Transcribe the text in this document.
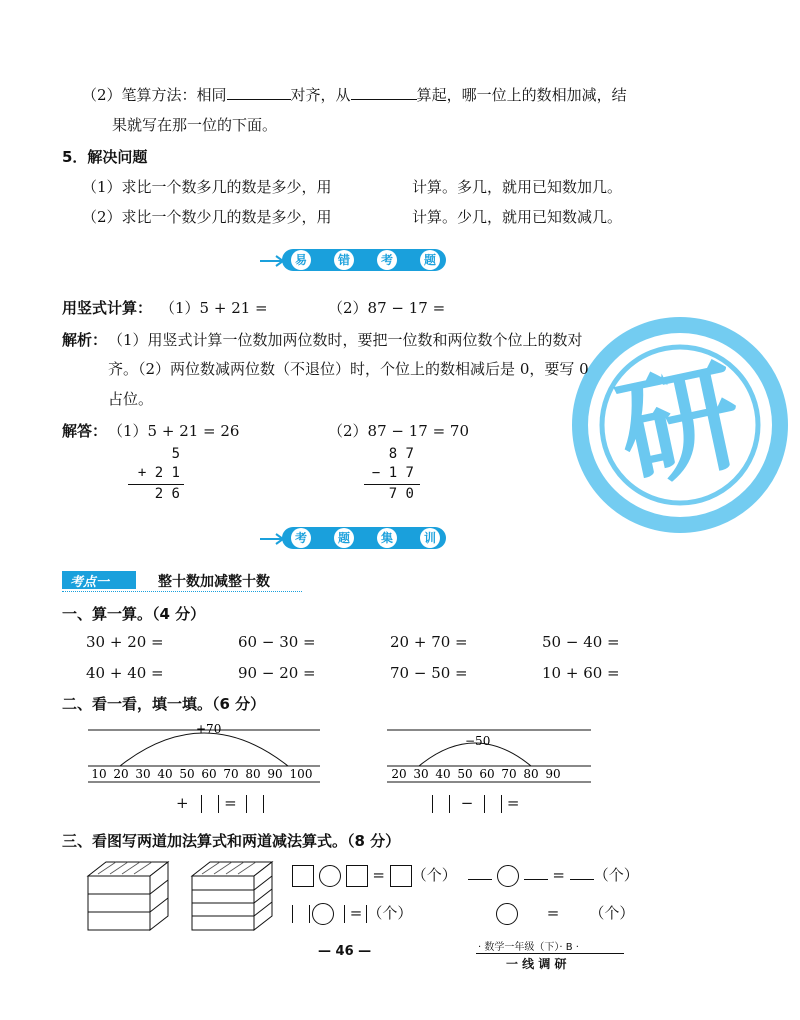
研
（2）笔算方法：相同	对齐，从	算起，哪一位上的数相加减，结
果就写在那一位的下面。
5．解决问题
（1）求比一个数多几的数是多少，用	计算。多几，就用已知数加几。
（2）求比一个数少几的数是多少，用	计算。少几，就用已知数减几。
易	错	考	题
用竖式计算： （1）5 + 21 =	（2）87 − 17 =
解析： （1）用竖式计算一位数加两位数时，要把一位数和两位数个位上的数对
齐。（2）两位数减两位数（不退位）时，个位上的数相减后是 0，要写 0
占位。
解答： （1）5 + 21 = 26	（2）87 − 17 = 70
5
+ 2 1
2 6
8 7
− 1 7
7 0
考	题	集	训
考点一	整十数加减整十数
一、算一算。（4 分）
30 + 20 =	60 − 30 =	20 + 70 =	50 − 40 =
40 + 40 =	90 − 20 =	70 − 50 =	10 + 60 =
二、看一看，填一填。（6 分）
+70
10 20 30 40 50 60 70 80 90 100
+ =
−50
20 30 40 50 60 70 80 90
− =
三、看图写两道加法算式和两道减法算式。（8 分）
= （个）	= （个）
= （个）	= （个）
— 46 —	· 数学一年级（下）· B ·
一 线 调 研
